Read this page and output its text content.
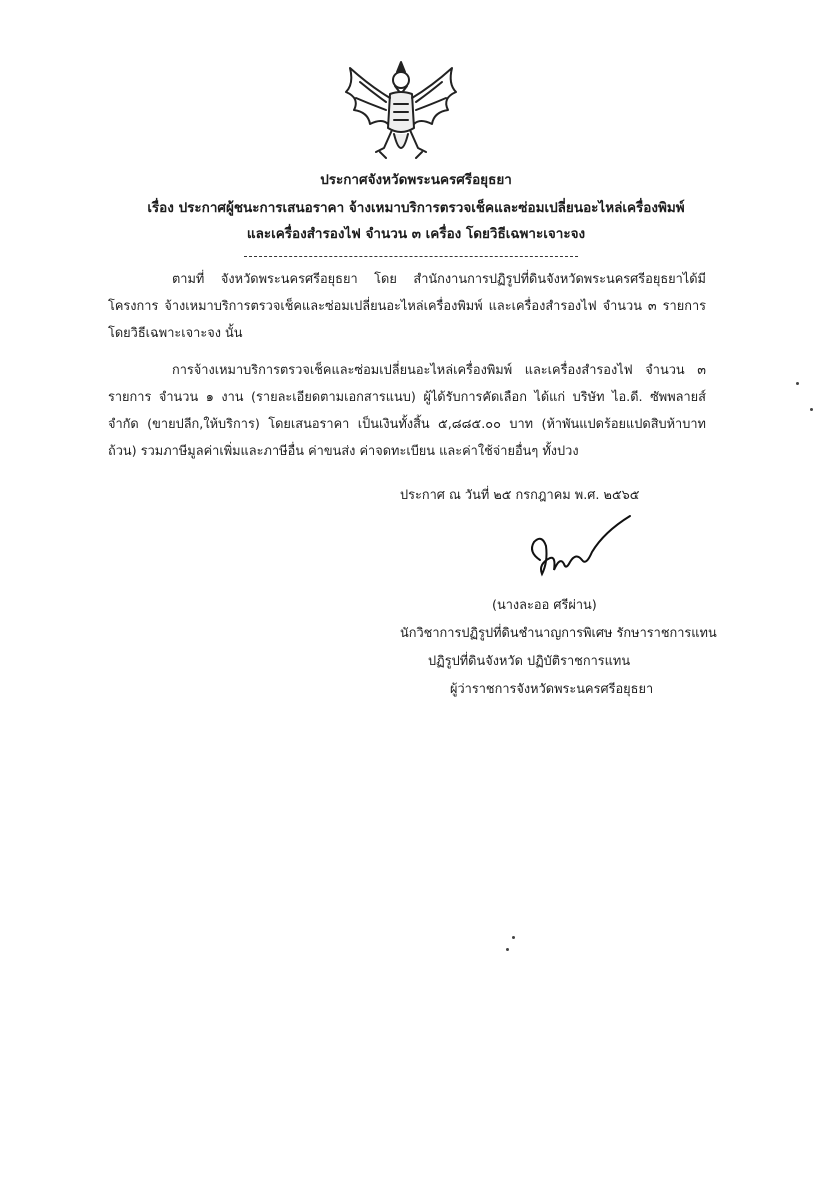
ประกาศจังหวัดพระนครศรีอยุธยา
เรื่อง ประกาศผู้ชนะการเสนอราคา จ้างเหมาบริการตรวจเช็คและซ่อมเปลี่ยนอะไหล่เครื่องพิมพ์
และเครื่องสำรองไฟ จำนวน ๓ เครื่อง โดยวิธีเฉพาะเจาะจง
ตามที่ จังหวัดพระนครศรีอยุธยา โดย สำนักงานการปฏิรูปที่ดินจังหวัดพระนครศรีอยุธยาได้มีโครงการ จ้างเหมาบริการตรวจเช็คและซ่อมเปลี่ยนอะไหล่เครื่องพิมพ์ และเครื่องสำรองไฟ จำนวน ๓ รายการ โดยวิธีเฉพาะเจาะจง นั้น
การจ้างเหมาบริการตรวจเช็คและซ่อมเปลี่ยนอะไหล่เครื่องพิมพ์ และเครื่องสำรองไฟ จำนวน ๓ รายการ จำนวน ๑ งาน (รายละเอียดตามเอกสารแนบ) ผู้ได้รับการคัดเลือก ได้แก่ บริษัท ไอ.ดี. ซัพพลายส์ จำกัด (ขายปลีก,ให้บริการ) โดยเสนอราคา เป็นเงินทั้งสิ้น ๕,๘๘๕.๐๐ บาท (ห้าพันแปดร้อยแปดสิบห้าบาทถ้วน) รวมภาษีมูลค่าเพิ่มและภาษีอื่น ค่าขนส่ง ค่าจดทะเบียน และค่าใช้จ่ายอื่นๆ ทั้งปวง
ประกาศ ณ วันที่ ๒๕ กรกฎาคม พ.ศ. ๒๕๖๕
(นางละออ ศรีผ่าน)
นักวิชาการปฏิรูปที่ดินชำนาญการพิเศษ รักษาราชการแทน
ปฏิรูปที่ดินจังหวัด ปฏิบัติราชการแทน
ผู้ว่าราชการจังหวัดพระนครศรีอยุธยา
